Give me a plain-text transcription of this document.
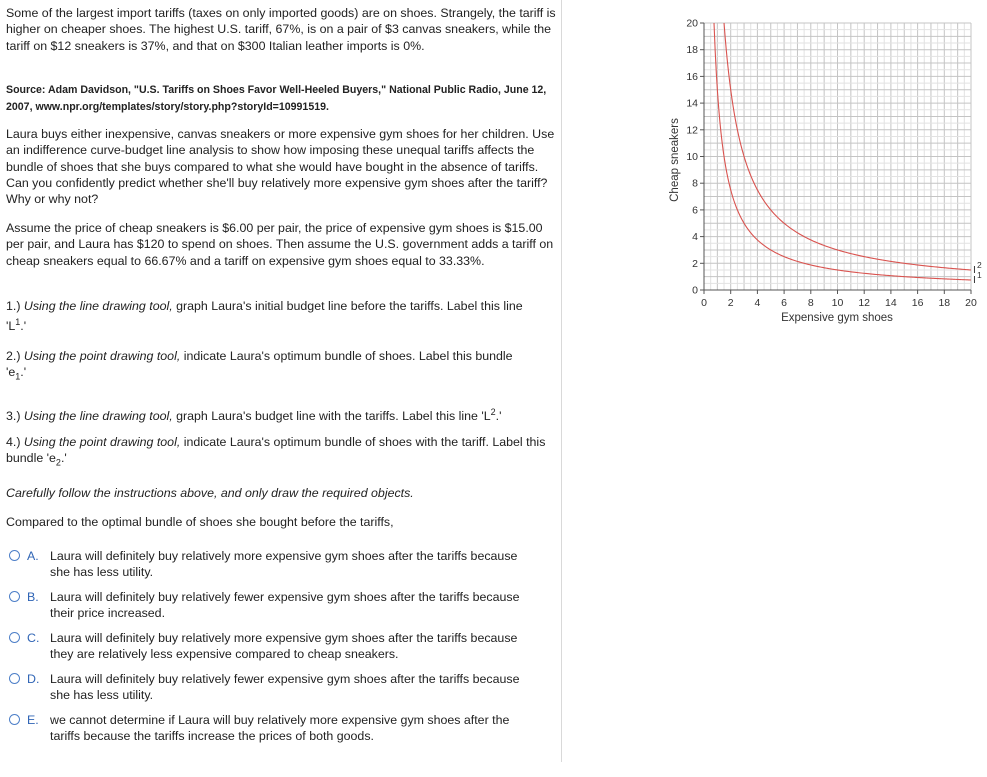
Some of the largest import tariffs (taxes on only imported goods) are on shoes. Strangely, the tariff is higher on cheaper shoes. The highest U.S. tariff, 67%, is on a pair of $3 canvas sneakers, while the tariff on $12 sneakers is 37%, and that on $300 Italian leather imports is 0%.

Source: Adam Davidson, "U.S. Tariffs on Shoes Favor Well-Heeled Buyers," National Public Radio, June 12, 2007, www.npr.org/templates/story/story.php?storyId=10991519.

Laura buys either inexpensive, canvas sneakers or more expensive gym shoes for her children. Use an indifference curve-budget line analysis to show how imposing these unequal tariffs affects the bundle of shoes that she buys compared to what she would have bought in the absence of tariffs. Can you confidently predict whether she'll buy relatively more expensive gym shoes after the tariff? Why or why not?

Assume the price of cheap sneakers is $6.00 per pair, the price of expensive gym shoes is $15.00 per pair, and Laura has $120 to spend on shoes. Then assume the U.S. government adds a tariff on cheap sneakers equal to 66.67% and a tariff on expensive gym shoes equal to 33.33%.

1.) Using the line drawing tool, graph Laura's initial budget line before the tariffs. Label this line
'$L^1$.'

2.) Using the point drawing tool, indicate Laura's optimum bundle of shoes. Label this bundle
'$e_1$.'

3.) Using the line drawing tool, graph Laura's budget line with the tariffs. Label this line '$L^2$.'

4.) Using the point drawing tool, indicate Laura's optimum bundle of shoes with the tariff. Label this bundle '$e_2$.'

Carefully follow the instructions above, and only draw the required objects.

Compared to the optimal bundle of shoes she bought before the tariffs,

A. Laura will definitely buy relatively more expensive gym shoes after the tariffs because she has less utility.
B. Laura will definitely buy relatively fewer expensive gym shoes after the tariffs because their price increased.
C. Laura will definitely buy relatively more expensive gym shoes after the tariffs because they are relatively less expensive compared to cheap sneakers.
D. Laura will definitely buy relatively fewer expensive gym shoes after the tariffs because she has less utility.
E. we cannot determine if Laura will buy relatively more expensive gym shoes after the tariffs because the tariffs increase the prices of both goods.
0 2 4 6 8 10 12 14 16 18 20
0
2
4
6
8
10
12
14
16
18
20
I 2
I 1
Expensive gym shoes
Cheap sneakers
